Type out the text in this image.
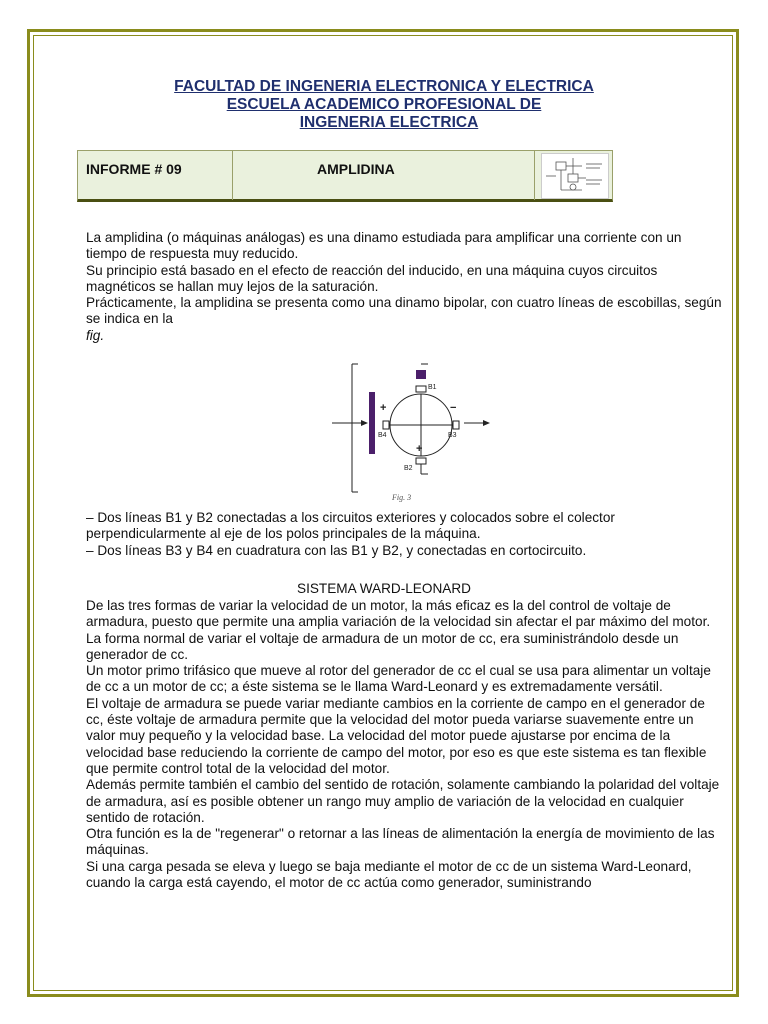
FACULTAD DE INGENERIA ELECTRONICA Y ELECTRICA
ESCUELA ACADEMICO PROFESIONAL DE
INGENERIA ELECTRICA
INFORME # 09	AMPLIDINA

La amplidina (o máquinas análogas) es una dinamo estudiada para amplificar una corriente con un tiempo de respuesta muy reducido.

Su principio está basado en el efecto de reacción del inducido, en una máquina cuyos circuitos magnéticos se hallan muy lejos de la saturación.

Prácticamente, la amplidina se presenta como una dinamo bipolar, con cuatro líneas de escobillas, según se indica en la

fig.

B1
B2
B3
B4
+	−
+
Fig. 3

– Dos líneas B1 y B2 conectadas a los circuitos exteriores y colocados sobre el colector perpendicularmente al eje de los polos principales de la máquina.

– Dos líneas B3 y B4 en cuadratura con las B1 y B2, y conectadas en cortocircuito.

SISTEMA WARD-LEONARD

De las tres formas de variar la velocidad de un motor, la más eficaz es la del control de voltaje de armadura, puesto que permite una amplia variación de la velocidad sin afectar el par máximo del motor.

La forma normal de variar el voltaje de armadura de un motor de cc, era suministrándolo desde un generador de cc.

Un motor primo trifásico que mueve al rotor del generador de cc el cual se usa para alimentar un voltaje de cc a un motor de cc; a éste sistema se le llama Ward-Leonard y es extremadamente versátil.

El voltaje de armadura se puede variar mediante cambios en la corriente de campo en el generador de cc, éste voltaje de armadura permite que la velocidad del motor pueda variarse suavemente entre un valor muy pequeño y la velocidad base. La velocidad del motor puede ajustarse por encima de la velocidad base reduciendo la corriente de campo del motor, por eso es que este sistema es tan flexible que permite control total de la velocidad del motor.

Además permite también el cambio del sentido de rotación, solamente cambiando la polaridad del voltaje de armadura, así es posible obtener un rango muy amplio de variación de la velocidad en cualquier sentido de rotación.

Otra función es la de "regenerar" o retornar a las líneas de alimentación la energía de movimiento de las máquinas.

Si una carga pesada se eleva y luego se baja mediante el motor de cc de un sistema Ward-Leonard, cuando la carga está cayendo, el motor de cc actúa como generador, suministrando
